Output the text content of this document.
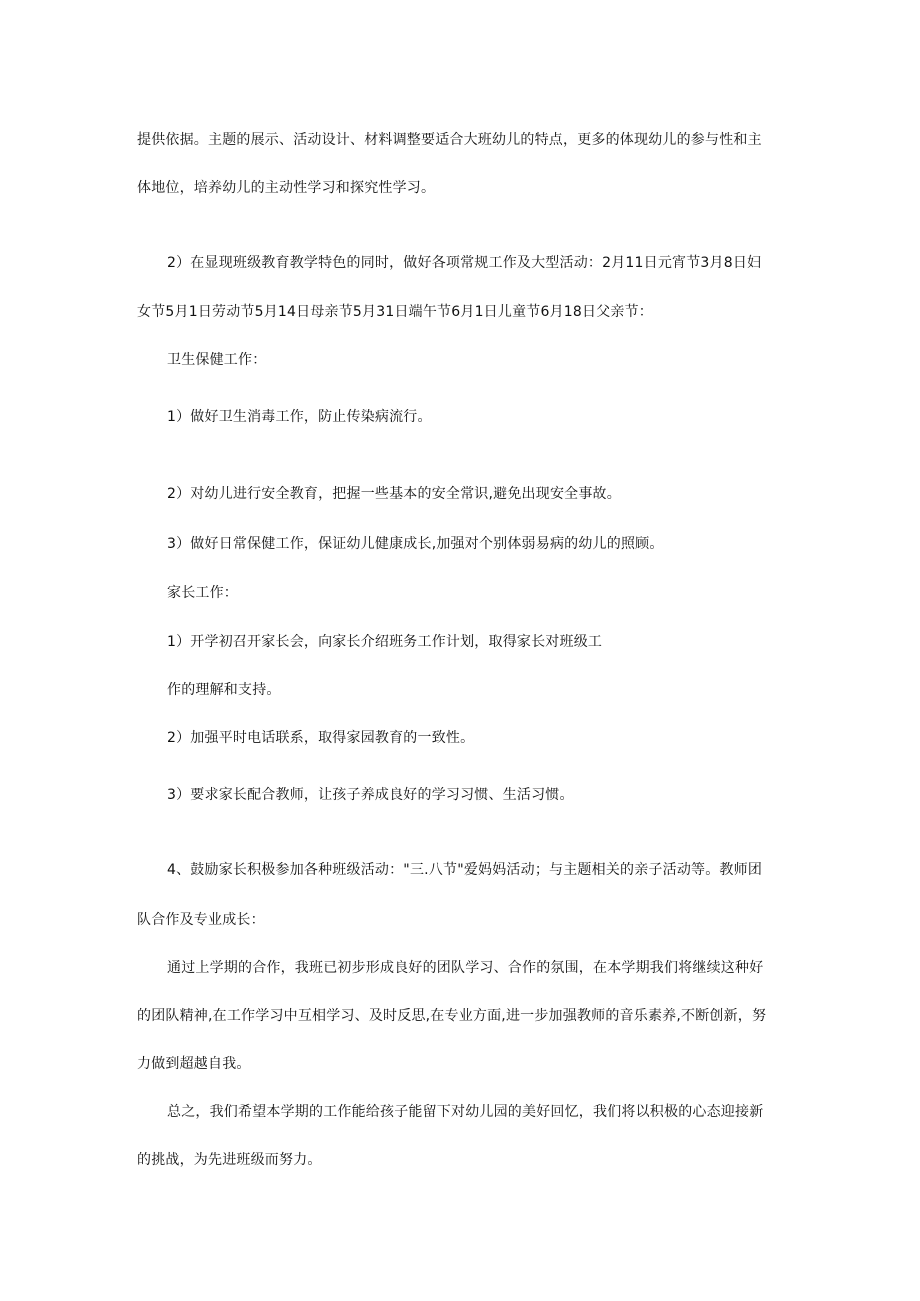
提供依据。主题的展示、活动设计、材料调整要适合大班幼儿的特点，更多的体现幼儿的参与性和主
体地位，培养幼儿的主动性学习和探究性学习。
2）在显现班级教育教学特色的同时，做好各项常规工作及大型活动：2月11日元宵节3月8日妇
女节5月1日劳动节5月14日母亲节5月31日端午节6月1日儿童节6月18日父亲节：
卫生保健工作：
1）做好卫生消毒工作，防止传染病流行。
2）对幼儿进行安全教育，把握一些基本的安全常识,避免出现安全事故。
3）做好日常保健工作，保证幼儿健康成长,加强对个别体弱易病的幼儿的照顾。
家长工作：
1）开学初召开家长会，向家长介绍班务工作计划，取得家长对班级工
作的理解和支持。
2）加强平时电话联系，取得家园教育的一致性。
3）要求家长配合教师，让孩子养成良好的学习习惯、生活习惯。
4、鼓励家长积极参加各种班级活动："三.八节"爱妈妈活动；与主题相关的亲子活动等。教师团
队合作及专业成长：
通过上学期的合作，我班已初步形成良好的团队学习、合作的氛围，在本学期我们将继续这种好
的团队精神,在工作学习中互相学习、及时反思,在专业方面,进一步加强教师的音乐素养,不断创新，努
力做到超越自我。
总之，我们希望本学期的工作能给孩子能留下对幼儿园的美好回忆，我们将以积极的心态迎接新
的挑战，为先进班级而努力。
